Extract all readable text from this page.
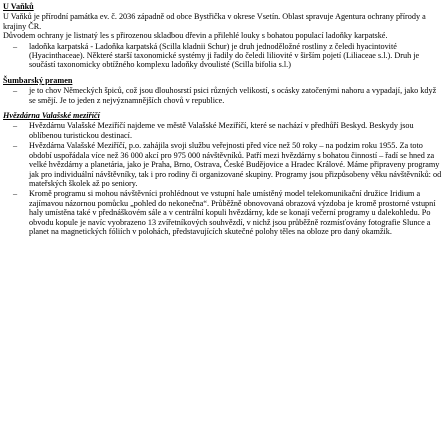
U Vaňků

U Vaňků je přírodní památka ev. č. 2036 západně od obce Bystřička v okrese Vsetín. Oblast spravuje Agentura ochrany přírody a krajiny ČR.

Důvodem ochrany je listnatý les s přirozenou skladbou dřevin a přilehlé louky s bohatou populací ladoňky karpatské.

– ladoňka karpatská - Ladoňka karpatská (Scilla kladnii Schur) je druh jednoděložné rostliny z čeledi hyacintovité (Hyacinthaceae). Některé starší taxonomické systémy ji řadily do čeledi liliovité v širším pojetí (Liliaceae s.l.). Druh je součástí taxonomicky obtížného komplexu ladoňky dvoulisté (Scilla bifolia s.l.)
Šumbarský pramen
– je to chov Německých špiců, což jsou dlouhosrstí psici různých velikostí, s ocásky zatočenými nahoru a vypadají, jako když se smějí. Je to jeden z nejvýznamnějších chovů v republice.
Hvězdárna Valašské meziříčí
– Hvězdárnu Valašské Meziříčí najdeme ve městě Valašské Meziříčí, které se nachází v předhůří Beskyd. Beskydy jsou oblíbenou turistickou destinací.
– Hvězdárna Valašské Meziříčí, p.o. zahájila svoji službu veřejnosti před více než 50 roky – na podzim roku 1955. Za toto období uspořádala více než 36 000 akcí pro 975 000 návštěvníků. Patří mezi hvězdárny s bohatou činností – řadí se hned za velké hvězdárny a planetária, jako je Praha, Brno, Ostrava, České Budějovice a Hradec Králové. Máme připraveny programy jak pro individuální návštěvníky, tak i pro rodiny či organizované skupiny. Programy jsou přizpůsobeny věku návštěvníků: od mateřských školek až po seniory.
– Kromě programu si mohou návštěvníci prohlédnout ve vstupní hale umístěný model telekomunikační družice Iridium a zajímavou názornou pomůcku „pohled do nekonečna“. Průběžně obnovovaná obrazová výzdoba je kromě prostorné vstupní haly umístěna také v přednáškovém sále a v centrální kopuli hvězdárny, kde se konají večerní programy u dalekohledu. Po obvodu kopule je navíc vyobrazeno 13 zvířetníkových souhvězdí, v nichž jsou průběžně rozmísťovány fotografie Slunce a planet na magnetických fóliích v polohách, představujících skutečné polohy těles na obloze pro daný okamžik.
